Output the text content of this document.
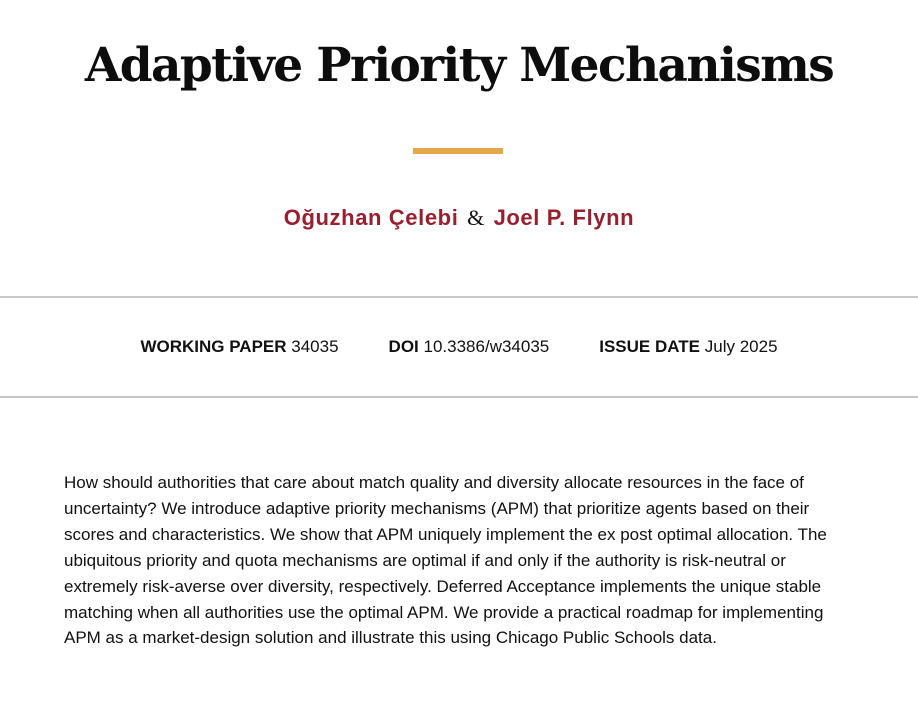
Adaptive Priority Mechanisms
Oğuzhan Çelebi & Joel P. Flynn
WORKING PAPER 34035	DOI 10.3386/w34035	ISSUE DATE July 2025

How should authorities that care about match quality and diversity allocate resources in the face of uncertainty? We introduce adaptive priority mechanisms (APM) that prioritize agents based on their scores and characteristics. We show that APM uniquely implement the ex post optimal allocation. The ubiquitous priority and quota mechanisms are optimal if and only if the authority is risk-neutral or extremely risk-averse over diversity, respectively. Deferred Acceptance implements the unique stable matching when all authorities use the optimal APM. We provide a practical roadmap for implementing APM as a market-design solution and illustrate this using Chicago Public Schools data.
